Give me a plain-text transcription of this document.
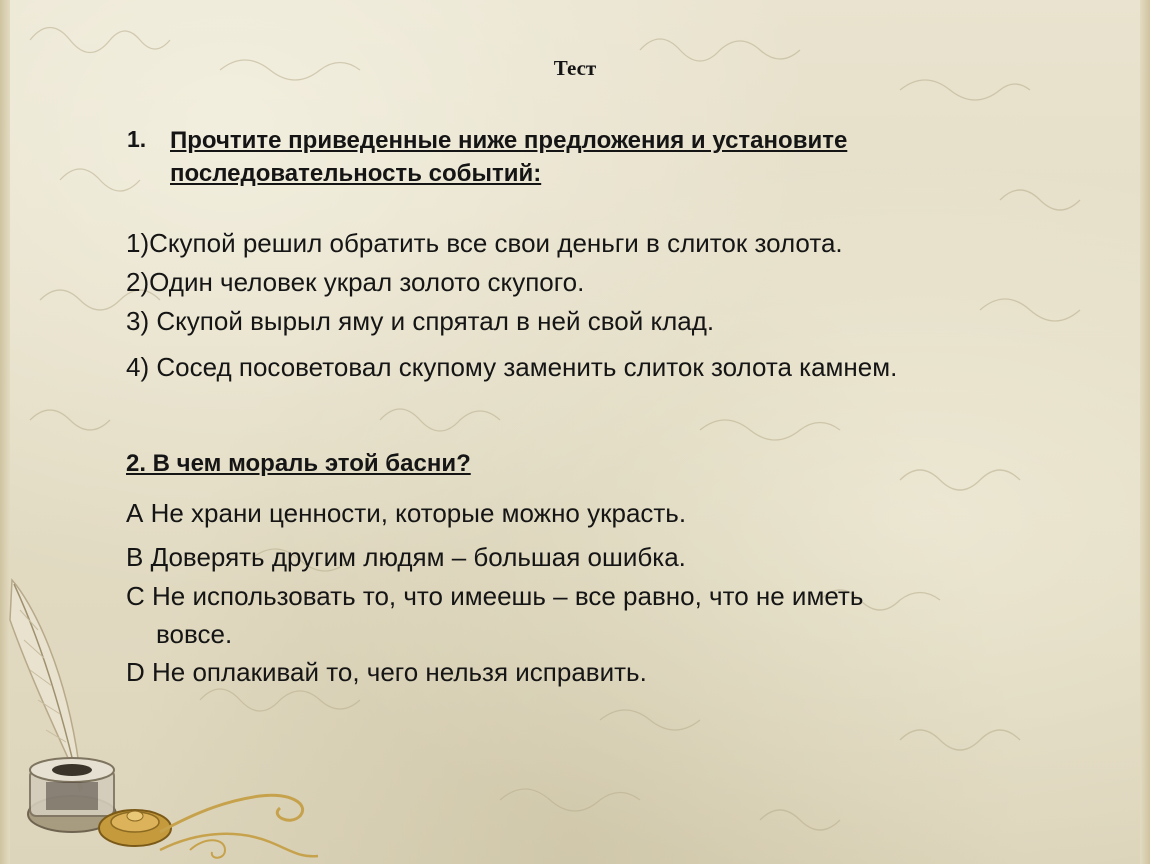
Тест
1. Прочтите приведенные ниже предложения и установите последовательность событий:
1)Скупой решил обратить все свои деньги в слиток золота.
2)Один человек украл золото скупого.
3) Скупой вырыл яму и спрятал в ней свой клад.
4) Сосед посоветовал скупому заменить слиток золота камнем.
2. В чем мораль этой басни?
А Не храни ценности, которые можно украсть.
В Доверять другим людям – большая ошибка.
С Не использовать то, что имеешь – все равно, что не иметь
вовсе.
D Не оплакивай то, чего нельзя исправить.
